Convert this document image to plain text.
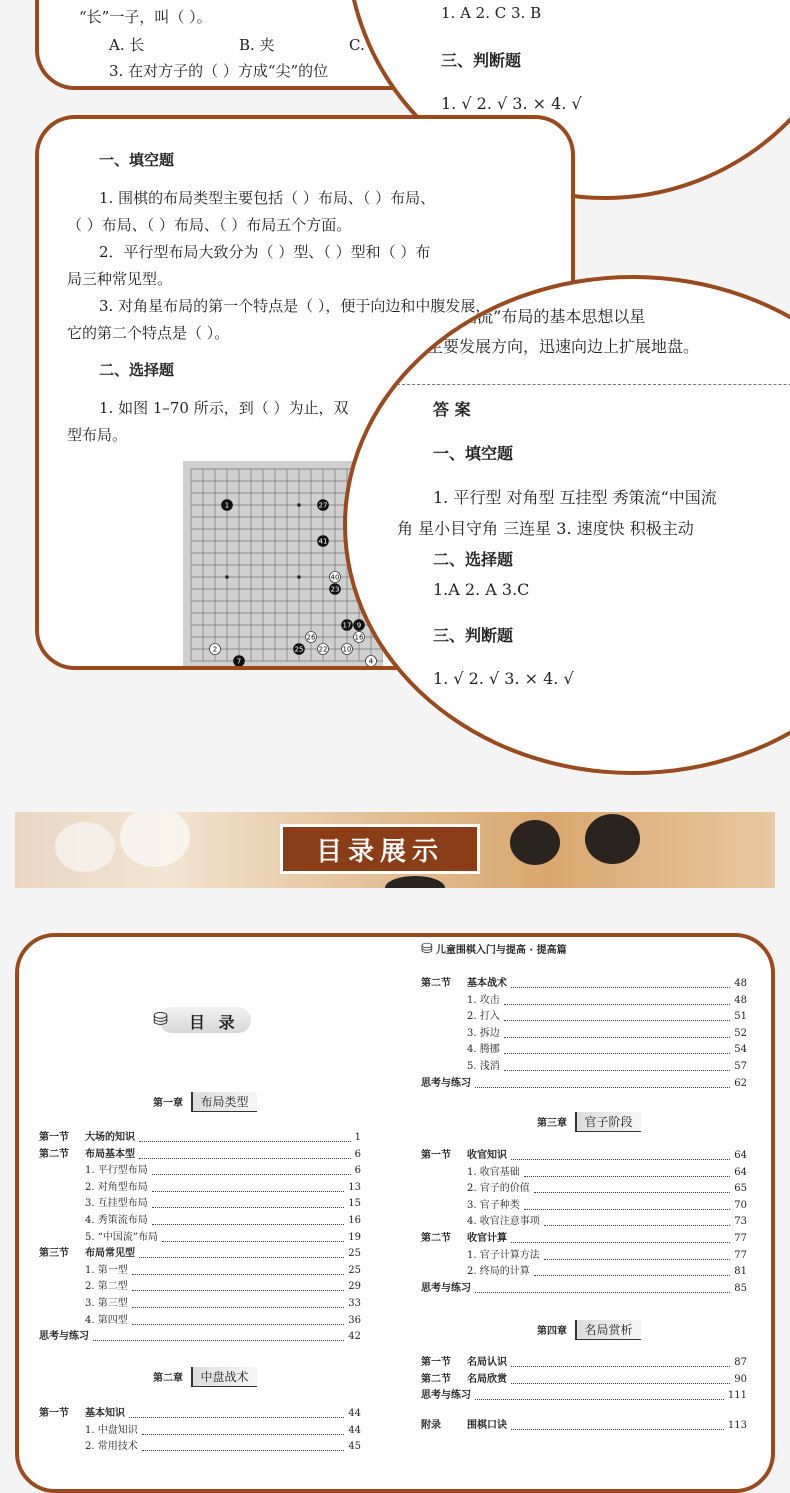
“长”一子，叫（ ）。
A. 长	B. 夹	C.
3. 在对方子的（ ）方成“尖”的位
1. A 2. C 3. B
三、判断题
1. √ 2. √ 3. × 4. √
一、填空题
1. 围棋的布局类型主要包括（ ）布局、（ ）布局、
（ ）布局、（ ）布局、（ ）布局五个方面。
2．平行型布局大致分为（ ）型、（ ）型和（ ）布
局三种常见型。
3. 对角星布局的第一个特点是（ ），便于向边和中腹发展，
它的第二个特点是（ ）。
二、选择题
1. 如图 1–70 所示，到（ ）为止，双
型布局。
1	27
41
7
17 9
2
26
25 22 10
16
40
23
4
“中国流”布局的基本思想以星
主要发展方向，迅速向边上扩展地盘。
答 案
一、填空题
1. 平行型 对角型 互挂型 秀策流“中国流
角 星小目守角 三连星 3. 速度快 积极主动
二、选择题
1.A 2. A 3.C
三、判断题
1. √ 2. √ 3. × 4. √
目录展示
⛁ 目 录
第一章 布局类型
第一节	大场的知识	1
第二节	布局基本型	6
1. 平行型布局	6
2. 对角型布局	13
3. 互挂型布局	15
4. 秀策流布局	16
5. “中国流”布局	19
第三节	布局常见型	25
1. 第一型	25
2. 第二型	29
3. 第三型	33
4. 第四型	36
思考与练习	42
第二章 中盘战术
第一节	基本知识	44
1. 中盘知识	44
2. 常用技术	45
⛁ 儿童围棋入门与提高 · 提高篇
第二节	基本战术	48
1. 攻击	48
2. 打入	51
3. 拆边	52
4. 腾挪	54
5. 浅消	57
思考与练习	62
第三章 官子阶段
第一节	收官知识	64
1. 收官基础	64
2. 官子的价值	65
3. 官子种类	70
4. 收官注意事项	73
第二节	收官计算	77
1. 官子计算方法	77
2. 终局的计算	81
思考与练习	85
第四章 名局赏析
第一节	名局认识	87
第二节	名局欣赏	90
思考与练习	111
附录	围棋口诀	113
